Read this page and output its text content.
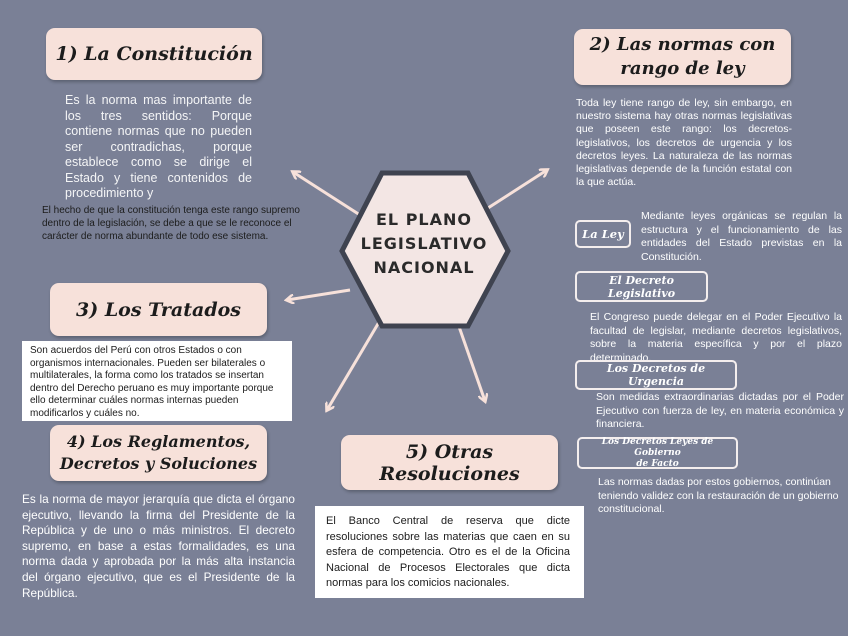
EL PLANO
LEGISLATIVO
NACIONAL
1) La Constitución
Es la norma mas importante de los tres sentidos: Porque contiene normas que no pueden ser contradichas, porque establece como se dirige el Estado y tiene contenidos de procedimiento y
El hecho de que la constitución tenga este rango supremo dentro de la legislación, se debe a que se le reconoce el carácter de norma abundante de todo ese sistema.
2) Las normas con
rango de ley
Toda ley tiene rango de ley, sin embargo, en nuestro sistema hay otras normas legislativas que poseen este rango: los decretos-legislativos, los decretos de urgencia y los decretos leyes. La naturaleza de las normas legislativas depende de la función estatal con la que actúa.
La Ley
Mediante leyes orgánicas se regulan la estructura y el funcionamiento de las entidades del Estado previstas en la Constitución.
El Decreto Legislativo
El Congreso puede delegar en el Poder Ejecutivo la facultad de legislar, mediante decretos legislativos, sobre la materia específica y por el plazo determinado.
Los Decretos de Urgencia
Son medidas extraordinarias dictadas por el Poder Ejecutivo con fuerza de ley, en materia económica y financiera.
Los Decretos Leyes de Gobierno
de Facto
Las normas dadas por estos gobiernos, continúan teniendo validez con la restauración de un gobierno constitucional.
3) Los Tratados
Son acuerdos del Perú con otros Estados o con organismos internacionales. Pueden ser bilaterales o multilaterales, la forma como los tratados se insertan dentro del Derecho peruano es muy importante porque ello determinar cuáles normas internas pueden modificarlos y cuáles no.
4) Los Reglamentos,
Decretos y Soluciones
Es la norma de mayor jerarquía que dicta el órgano ejecutivo, llevando la firma del Presidente de la República y de uno o más ministros. El decreto supremo, en base a estas formalidades, es una norma dada y aprobada por la más alta instancia del órgano ejecutivo, que es el Presidente de la República.
5) Otras Resoluciones
El Banco Central de reserva que dicte resoluciones sobre las materias que caen en su esfera de competencia. Otro es el de la Oficina Nacional de Procesos Electorales que dicta normas para los comicios nacionales.
